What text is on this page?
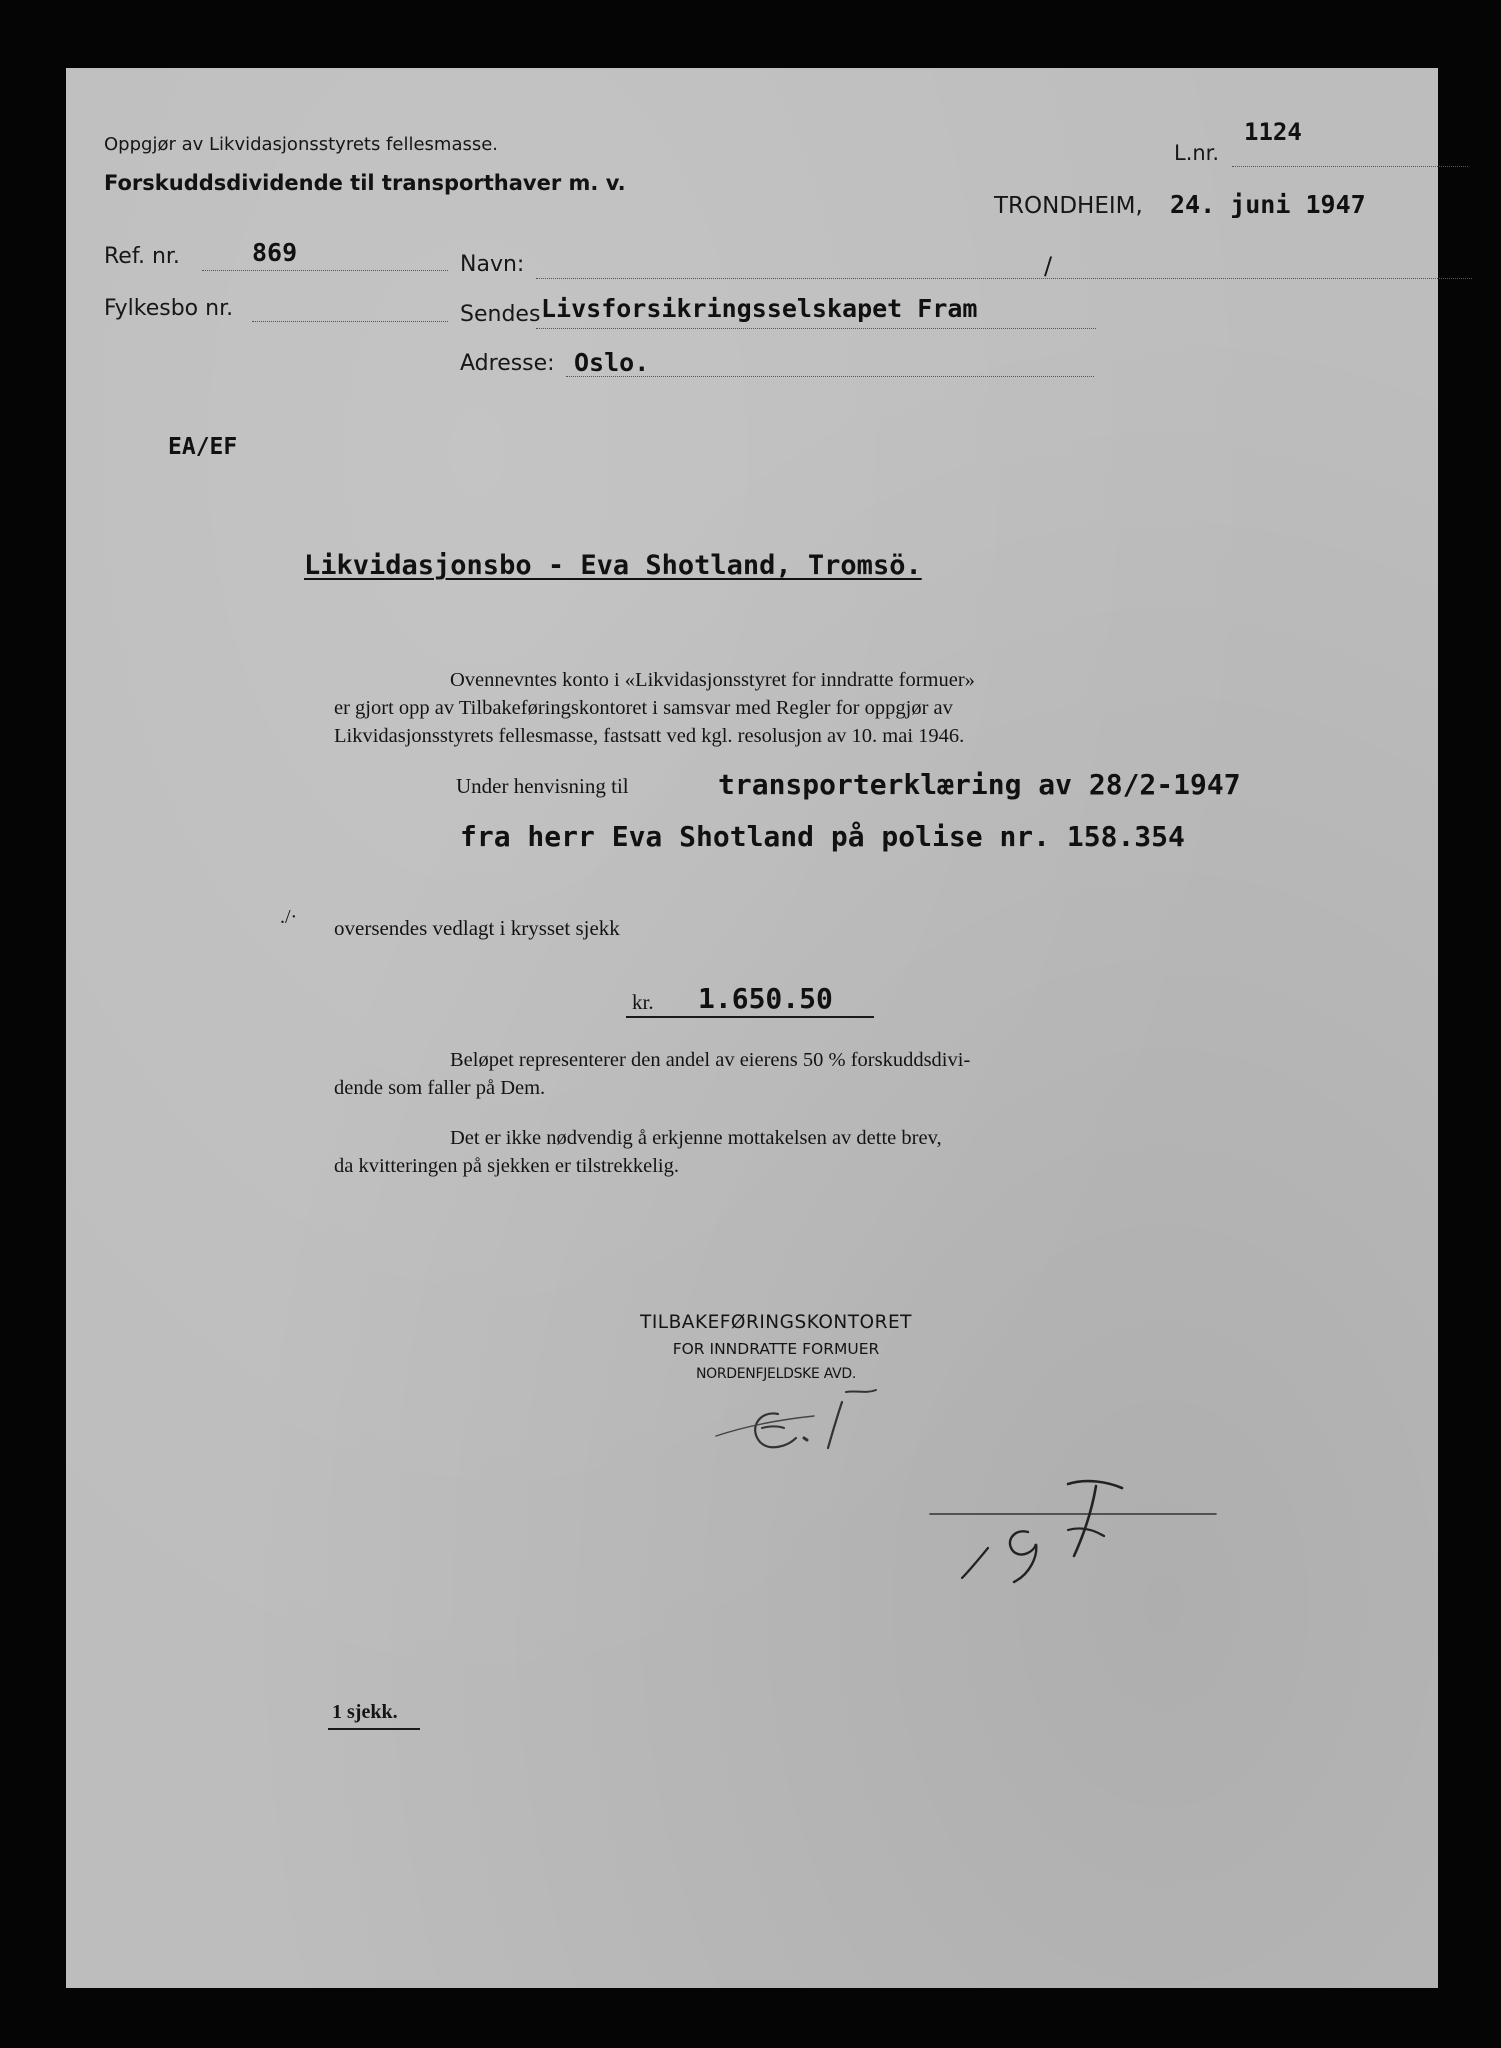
Oppgjør av Likvidasjonsstyrets fellesmasse.
Forskuddsdividende til transporthaver m. v.
L.nr.
1124
TRONDHEIM, 24. juni 1947
Ref. nr.	869
Fylkesbo nr.
Navn:	/
Sendes Livsforsikringsselskapet Fram
Adresse: Oslo.
EA/EF
Likvidasjonsbo - Eva Shotland, Tromsö.
Ovennevntes konto i «Likvidasjonsstyret for inndratte formuer»
er gjort opp av Tilbakeføringskontoret i samsvar med Regler for oppgjør av
Likvidasjonsstyrets fellesmasse, fastsatt ved kgl. resolusjon av 10. mai 1946.
Under henvisning til	transporterklæring av 28/2-1947
fra herr Eva Shotland på polise nr. 158.354
./· oversendes vedlagt i krysset sjekk
kr. 1.650.50
Beløpet representerer den andel av eierens 50 % forskuddsdivi-
dende som faller på Dem.
Det er ikke nødvendig å erkjenne mottakelsen av dette brev,
da kvitteringen på sjekken er tilstrekkelig.
TILBAKEFØRINGSKONTORET
FOR INNDRATTE FORMUER
NORDENFJELDSKE AVD.
1 sjekk.
